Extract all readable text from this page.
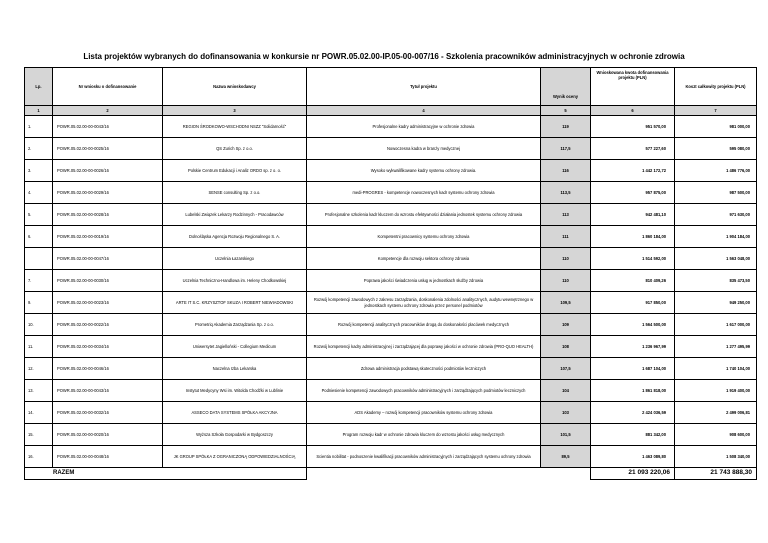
Lista projektów wybranych do dofinansowania w konkursie nr POWR.05.02.00-IP.05-00-007/16 - Szkolenia pracowników administracyjnych w ochronie zdrowia
Lp.	Nr wniosku o dofinansowanie	Nazwa wnioskodawcy	Tytuł projektu	Wynik oceny	Wnioskowana kwota dofinansowania projektu (PLN)	Koszt całkowity projektu (PLN)
1	2	3	4	5	6	7
1.	POWR.05.02.00-00-0043/16	REGION ŚRODKOWO-WSCHODNI NSZZ "Solidarność"	Profesjonalne kadry administracyjne w ochronie zdrowia	119	951 570,00	981 000,00
2.	POWR.05.02.00-00-0025/16	QS Zurich Sp. z o.o.	Nowoczesna kadra w branży medycznej	117,5	577 227,60	595 080,00
3.	POWR.05.02.00-00-0026/16	Polskie Centrum Edukacji i Analiz ORDO sp. z o. o.	Wysoko wykwalifikowane kadry systemu ochrony zdrowia.	116	1 442 172,72	1 486 776,00
4.	POWR.05.02.00-00-0029/16	SENSE consulting Sp. z o.o.	medi-PROGRES - kompetencje nowoczesnych kadr systemu ochrony zdrowia	113,5	957 875,00	987 500,00
5.	POWR.05.02.00-00-0028/16	Lubelski Związek Lekarzy Rodzinnych - Pracodawców	Profesjonalne szkolenia kadr kluczem do wzrostu efektywności działania jednostek systemu ochrony zdrowia	113	942 481,10	971 630,00
6.	POWR.05.02.00-00-0019/16	Dolnośląska Agencja Rozwoju Regionalnego S. A.	Kompetentni pracownicy systemu ochrony zdrowia	111	1 860 184,00	1 904 184,00
	POWR.05.02.00-00-0047/16	Uczelnia Łazarskiego	Kompetencje dla rozwoju sektora ochrony zdrowia	110	1 514 592,00	1 563 048,00
7.	POWR.05.02.00-00-0030/16	Uczelnia Techniczno-Handlowa im. Heleny Chodkowskiej	Poprawa jakości świadczenia usług w jednostkach służby zdrowia	110	810 409,26	835 473,50
9.	POWR.05.02.00-00-0023/16	ARTE IT S.C. KRZYSZTOF SKUZA I ROBERT NIEWIADOWSKI	Rozwój kompetencji zawodowych z zakresu zarządzania, doskonalenia zdolności analitycznych, audytu wewnętrznego w jednostkach systemu ochrony zdrowia przez personel podmiotów	109,5	917 850,00	949 250,00
10.	POWR.05.02.00-00-0022/16	Prometriq Akademia Zarządzania Sp. z o.o.	Rozwój kompetencji analitycznych pracowników drogą do doskonałości placówek medycznych	109	1 564 500,00	1 617 000,00
11.	POWR.05.02.00-00-0034/16	Uniwersytet Jagielloński - Collegium Medicum	Rozwój kompetencji kadry administracyjnej i zarządzającej dla poprawy jakości w ochronie zdrowia (PRO-QUO HEALTH)	108	1 236 967,99	1 277 495,99
12.	POWR.05.02.00-00-0046/16	Naczelna Izba Lekarska	Zdrowa administracja podstawą skuteczności podmiotów leczniczych	107,5	1 687 104,00	1 740 104,00
13.	POWR.05.02.00-00-0043/16	Instytut Medycyny Wsi im. Witolda Chodźki w Lublinie	Podniesienie kompetencji zawodowych pracowników administracyjnych i zarządzających podmiotów leczniczych	104	1 861 818,00	1 919 400,00
14.	POWR.05.02.00-00-0032/16	ASSECO DATA SYSTEMS SPÓŁKA AKCYJNA	ADS Akademy – rozwój kompetencji pracowników systemu ochrony zdrowia	103	2 424 036,59	2 499 006,81
15.	POWR.05.02.00-00-0020/16	Wyższa Szkoła Gospodarki w Bydgoszczy	Program rozwoju kadr w ochronie zdrowia kluczem do wzrostu jakości usług medycznych	101,5	881 342,00	908 600,00
16.	POWR.05.02.00-00-0048/16	JK GROUP SPÓŁKA Z OGRANICZONĄ ODPOWIEDZIALNOŚCIĄ	Scientia nobilitat - podnoszenie kwalifikacji pracowników administracyjnych i zarządzających systemu ochrony zdrowia	89,5	1 463 089,80	1 508 340,00
RAZEM					21 093 220,06	21 743 888,30
